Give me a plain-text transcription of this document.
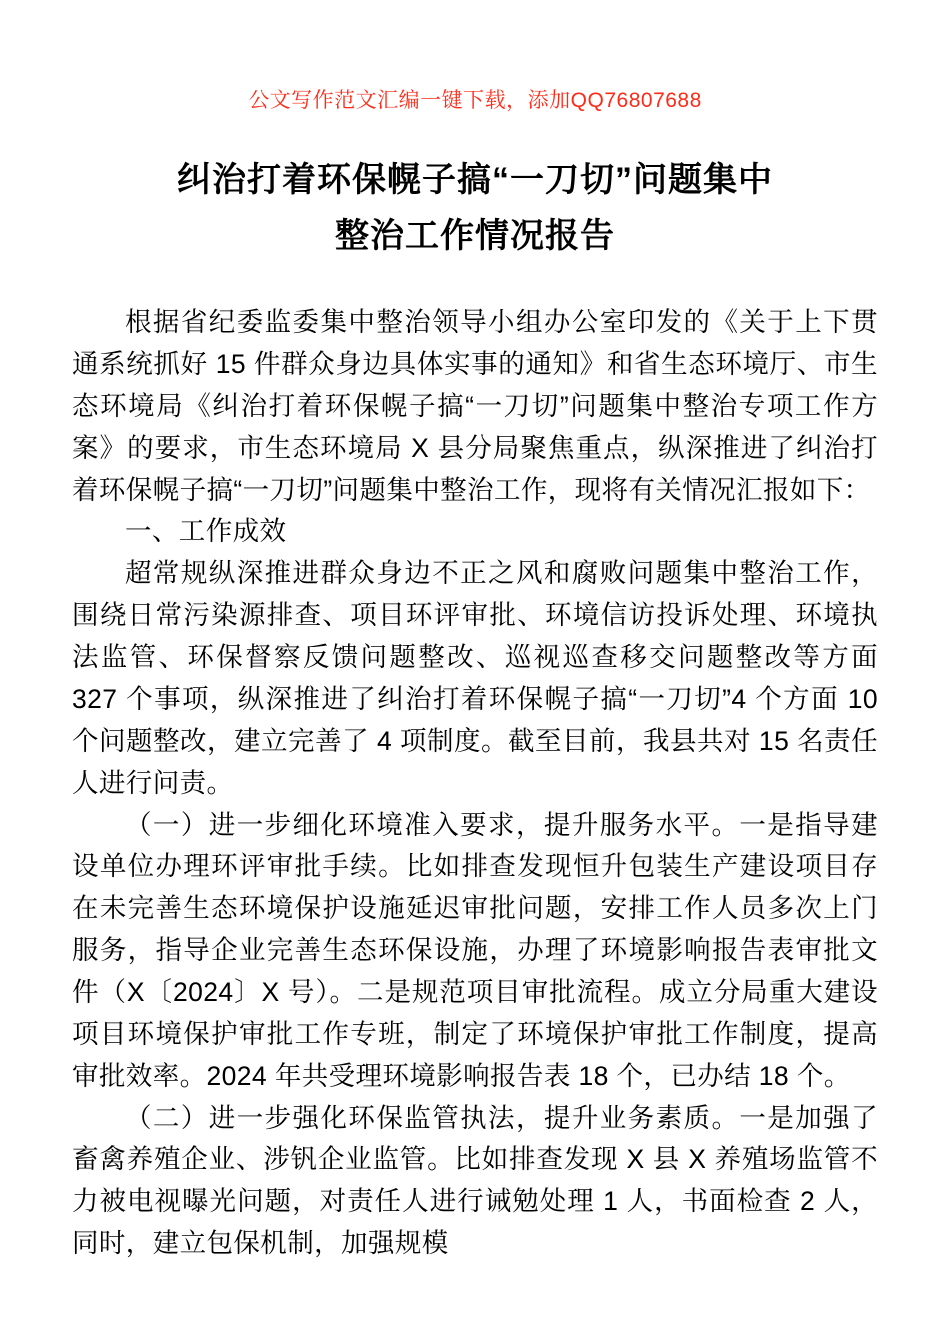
公文写作范文汇编一键下载，添加QQ76807688
纠治打着环保幌子搞“一刀切”问题集中
整治工作情况报告

根据省纪委监委集中整治领导小组办公室印发的《关于上下贯通系统抓好 15 件群众身边具体实事的通知》和省生态环境厅、市生态环境局《纠治打着环保幌子搞“一刀切”问题集中整治专项工作方案》的要求，市生态环境局 X 县分局聚焦重点，纵深推进了纠治打着环保幌子搞“一刀切”问题集中整治工作，现将有关情况汇报如下：

一、工作成效

超常规纵深推进群众身边不正之风和腐败问题集中整治工作，围绕日常污染源排查、项目环评审批、环境信访投诉处理、环境执法监管、环保督察反馈问题整改、巡视巡查移交问题整改等方面 327 个事项，纵深推进了纠治打着环保幌子搞“一刀切”4 个方面 10 个问题整改，建立完善了 4 项制度。截至目前，我县共对 15 名责任人进行问责。

（一）进一步细化环境准入要求，提升服务水平。一是指导建设单位办理环评审批手续。比如排查发现恒升包装生产建设项目存在未完善生态环境保护设施延迟审批问题，安排工作人员多次上门服务，指导企业完善生态环保设施，办理了环境影响报告表审批文件（X〔2024〕X 号）。二是规范项目审批流程。成立分局重大建设项目环境保护审批工作专班，制定了环境保护审批工作制度，提高审批效率。2024 年共受理环境影响报告表 18 个，已办结 18 个。

（二）进一步强化环保监管执法，提升业务素质。一是加强了畜禽养殖企业、涉钒企业监管。比如排查发现 X 县 X 养殖场监管不力被电视曝光问题，对责任人进行诫勉处理 1 人，书面检查 2 人，同时，建立包保机制，加强规模
